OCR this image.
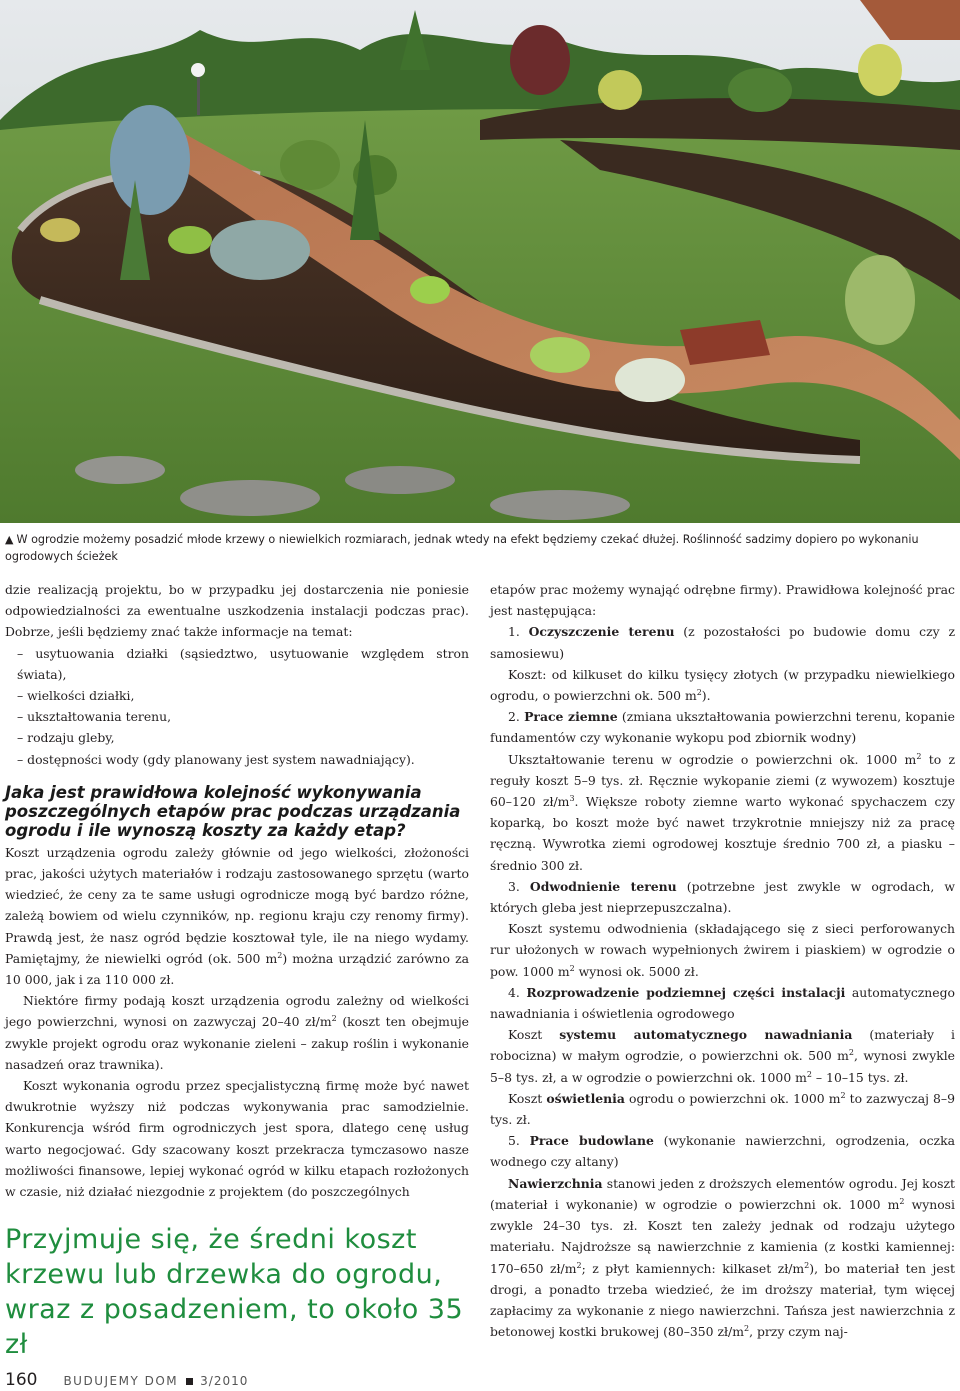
▲ W ogrodzie możemy posadzić młode krzewy o niewielkich rozmiarach, jednak wtedy na efekt będziemy czekać dłużej. Roślinność sadzimy dopiero po wykonaniu ogrodowych ścieżek

dzie realizacją projektu, bo w przypadku jej dostarczenia nie poniesie odpowiedzialności za ewentualne uszkodzenia instalacji podczas prac). Dobrze, jeśli będziemy znać także informacje na temat:

– usytuowania działki (sąsiedztwo, usytuowanie względem stron świata),

– wielkości działki,

– ukształtowania terenu,

– rodzaju gleby,

– dostępności wody (gdy planowany jest system nawadniający).

Jaka jest prawidłowa kolejność wykonywania poszczególnych etapów prac podczas urządzania ogrodu i ile wynoszą koszty za każdy etap?

Koszt urządzenia ogrodu zależy głównie od jego wielkości, złożoności prac, jakości użytych materiałów i rodzaju zastosowanego sprzętu (warto wiedzieć, że ceny za te same usługi ogrodnicze mogą być bardzo różne, zależą bowiem od wielu czynników, np. regionu kraju czy renomy firmy). Prawdą jest, że nasz ogród będzie kosztował tyle, ile na niego wydamy. Pamiętajmy, że niewielki ogród (ok. 500 $m^2$) można urządzić zarówno za 10 000, jak i za 110 000 zł.

Niektóre firmy podają koszt urządzenia ogrodu zależny od wielkości jego powierzchni, wynosi on zazwyczaj 20–40 $zł/m^2$ (koszt ten obejmuje zwykle projekt ogrodu oraz wykonanie zieleni – zakup roślin i wykonanie nasadzeń oraz trawnika).

Koszt wykonania ogrodu przez specjalistyczną firmę może być nawet dwukrotnie wyższy niż podczas wykonywania prac samodzielnie. Konkurencja wśród firm ogrodniczych jest spora, dlatego cenę usług warto negocjować. Gdy szacowany koszt przekracza tymczasowo nasze możliwości finansowe, lepiej wykonać ogród w kilku etapach rozłożonych w czasie, niż działać niezgodnie z projektem (do poszczególnych

Przyjmuje się, że średni koszt krzewu lub drzewka do ogrodu, wraz z posadzeniem, to około 35 zł

etapów prac możemy wynająć odrębne firmy). Prawidłowa kolejność prac jest następująca:

1. Oczyszczenie terenu (z pozostałości po budowie domu czy z samosiewu)

Koszt: od kilkuset do kilku tysięcy złotych (w przypadku niewielkiego ogrodu, o powierzchni ok. 500 $m^2$).

2. Prace ziemne (zmiana ukształtowania powierzchni terenu, kopanie fundamentów czy wykonanie wykopu pod zbiornik wodny)

Ukształtowanie terenu w ogrodzie o powierzchni ok. 1000 $m^2$ to z reguły koszt 5–9 tys. zł. Ręcznie wykopanie ziemi (z wywozem) kosztuje 60–120 $zł/m^3$. Większe roboty ziemne warto wykonać spychaczem czy koparką, bo koszt może być nawet trzykrotnie mniejszy niż za pracę ręczną. Wywrotka ziemi ogrodowej kosztuje średnio 700 zł, a piasku – średnio 300 zł.

3. Odwodnienie terenu (potrzebne jest zwykle w ogrodach, w których gleba jest nieprzepuszczalna).

Koszt systemu odwodnienia (składającego się z sieci perforowanych rur ułożonych w rowach wypełnionych żwirem i piaskiem) w ogrodzie o pow. 1000 $m^2$ wynosi ok. 5000 zł.

4. Rozprowadzenie podziemnej części instalacji automatycznego nawadniania i oświetlenia ogrodowego

Koszt systemu automatycznego nawadniania (materiały i robocizna) w małym ogrodzie, o powierzchni ok. 500 $m^2$, wynosi zwykle 5–8 tys. zł, a w ogrodzie o powierzchni ok. 1000 $m^2 - 10-15$ tys. zł.

Koszt oświetlenia ogrodu o powierzchni ok. 1000 $m^2$ to zazwyczaj 8–9 tys. zł.

5. Prace budowlane (wykonanie nawierzchni, ogrodzenia, oczka wodnego czy altany)

Nawierzchnia stanowi jeden z droższych elementów ogrodu. Jej koszt (materiał i wykonanie) w ogrodzie o powierzchni ok. 1000 $m^2$ wynosi zwykle 24–30 tys. zł. Koszt ten zależy jednak od rodzaju użytego materiału. Najdroższe są nawierzchnie z kamienia (z kostki kamiennej: 170–650 $zł/m^2$; z płyt kamiennych: kilkaset $zł/m^2$), bo materiał ten jest drogi, a ponadto trzeba wiedzieć, że im droższy materiał, tym więcej zapłacimy za wykonanie z niego nawierzchni. Tańsza jest nawierzchnia z betonowej kostki brukowej (80–350 $zł/m^2$, przy czym naj-

160 BUDUJEMY DOM 3/2010
